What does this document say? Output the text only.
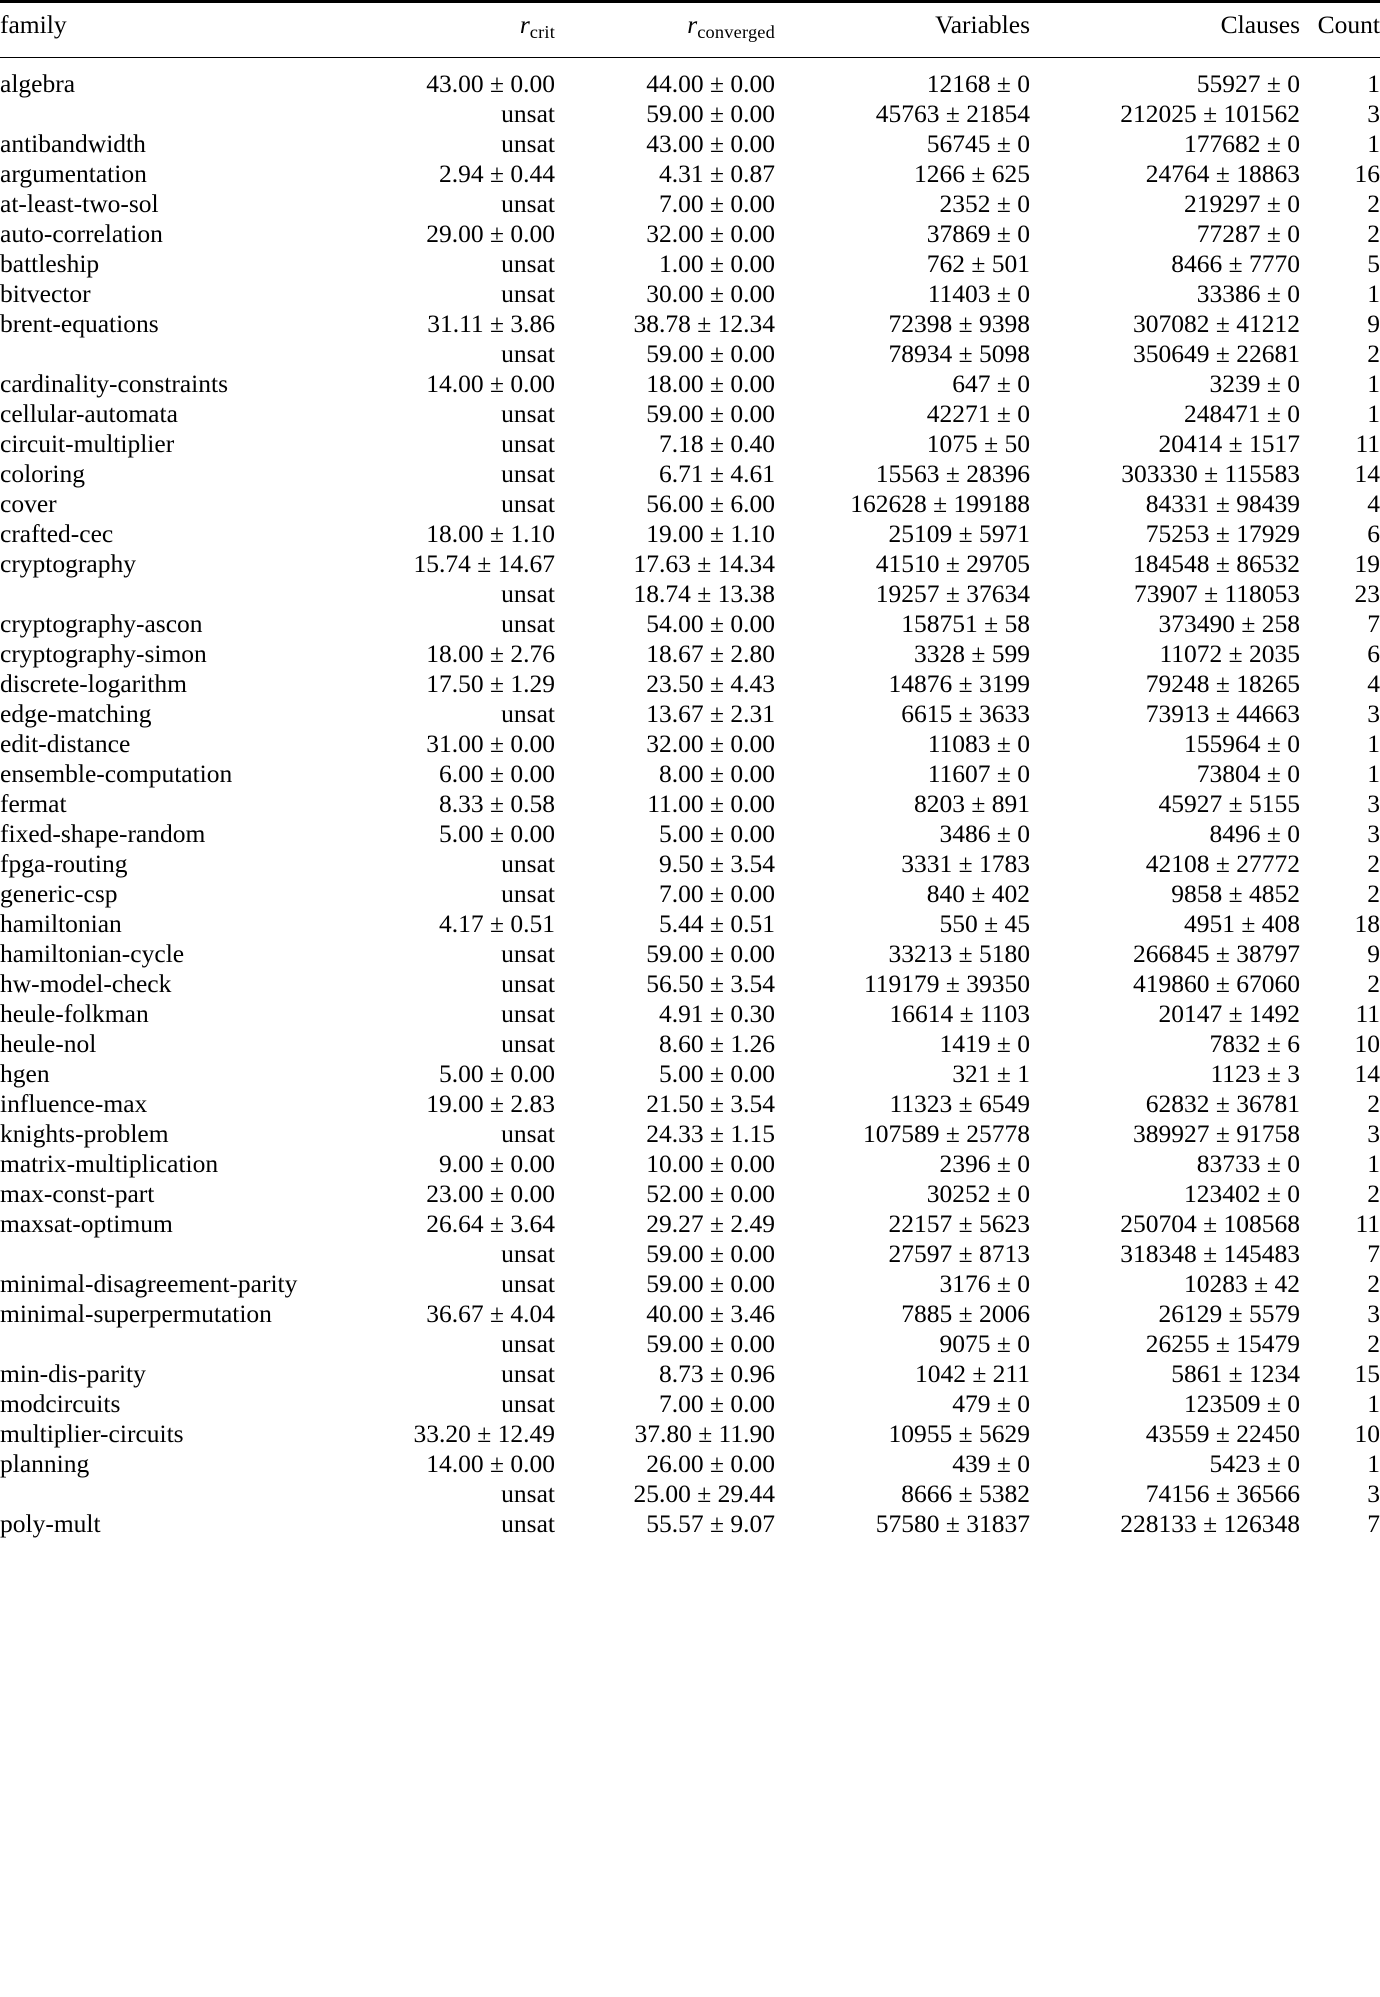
family	rcrit	rconverged	Variables	Clauses	Count

algebra	43.00 ± 0.00	44.00 ± 0.00	12168 ± 0	55927 ± 0	1
	unsat	59.00 ± 0.00	45763 ± 21854	212025 ± 101562	3
antibandwidth	unsat	43.00 ± 0.00	56745 ± 0	177682 ± 0	1
argumentation	2.94 ± 0.44	4.31 ± 0.87	1266 ± 625	24764 ± 18863	16
at-least-two-sol	unsat	7.00 ± 0.00	2352 ± 0	219297 ± 0	2
auto-correlation	29.00 ± 0.00	32.00 ± 0.00	37869 ± 0	77287 ± 0	2
battleship	unsat	1.00 ± 0.00	762 ± 501	8466 ± 7770	5
bitvector	unsat	30.00 ± 0.00	11403 ± 0	33386 ± 0	1
brent-equations	31.11 ± 3.86	38.78 ± 12.34	72398 ± 9398	307082 ± 41212	9
	unsat	59.00 ± 0.00	78934 ± 5098	350649 ± 22681	2
cardinality-constraints	14.00 ± 0.00	18.00 ± 0.00	647 ± 0	3239 ± 0	1
cellular-automata	unsat	59.00 ± 0.00	42271 ± 0	248471 ± 0	1
circuit-multiplier	unsat	7.18 ± 0.40	1075 ± 50	20414 ± 1517	11
coloring	unsat	6.71 ± 4.61	15563 ± 28396	303330 ± 115583	14
cover	unsat	56.00 ± 6.00	162628 ± 199188	84331 ± 98439	4
crafted-cec	18.00 ± 1.10	19.00 ± 1.10	25109 ± 5971	75253 ± 17929	6
cryptography	15.74 ± 14.67	17.63 ± 14.34	41510 ± 29705	184548 ± 86532	19
	unsat	18.74 ± 13.38	19257 ± 37634	73907 ± 118053	23
cryptography-ascon	unsat	54.00 ± 0.00	158751 ± 58	373490 ± 258	7
cryptography-simon	18.00 ± 2.76	18.67 ± 2.80	3328 ± 599	11072 ± 2035	6
discrete-logarithm	17.50 ± 1.29	23.50 ± 4.43	14876 ± 3199	79248 ± 18265	4
edge-matching	unsat	13.67 ± 2.31	6615 ± 3633	73913 ± 44663	3
edit-distance	31.00 ± 0.00	32.00 ± 0.00	11083 ± 0	155964 ± 0	1
ensemble-computation	6.00 ± 0.00	8.00 ± 0.00	11607 ± 0	73804 ± 0	1
fermat	8.33 ± 0.58	11.00 ± 0.00	8203 ± 891	45927 ± 5155	3
fixed-shape-random	5.00 ± 0.00	5.00 ± 0.00	3486 ± 0	8496 ± 0	3
fpga-routing	unsat	9.50 ± 3.54	3331 ± 1783	42108 ± 27772	2
generic-csp	unsat	7.00 ± 0.00	840 ± 402	9858 ± 4852	2
hamiltonian	4.17 ± 0.51	5.44 ± 0.51	550 ± 45	4951 ± 408	18
hamiltonian-cycle	unsat	59.00 ± 0.00	33213 ± 5180	266845 ± 38797	9
hw-model-check	unsat	56.50 ± 3.54	119179 ± 39350	419860 ± 67060	2
heule-folkman	unsat	4.91 ± 0.30	16614 ± 1103	20147 ± 1492	11
heule-nol	unsat	8.60 ± 1.26	1419 ± 0	7832 ± 6	10
hgen	5.00 ± 0.00	5.00 ± 0.00	321 ± 1	1123 ± 3	14
influence-max	19.00 ± 2.83	21.50 ± 3.54	11323 ± 6549	62832 ± 36781	2
knights-problem	unsat	24.33 ± 1.15	107589 ± 25778	389927 ± 91758	3
matrix-multiplication	9.00 ± 0.00	10.00 ± 0.00	2396 ± 0	83733 ± 0	1
max-const-part	23.00 ± 0.00	52.00 ± 0.00	30252 ± 0	123402 ± 0	2
maxsat-optimum	26.64 ± 3.64	29.27 ± 2.49	22157 ± 5623	250704 ± 108568	11
	unsat	59.00 ± 0.00	27597 ± 8713	318348 ± 145483	7
minimal-disagreement-parity	unsat	59.00 ± 0.00	3176 ± 0	10283 ± 42	2
minimal-superpermutation	36.67 ± 4.04	40.00 ± 3.46	7885 ± 2006	26129 ± 5579	3
	unsat	59.00 ± 0.00	9075 ± 0	26255 ± 15479	2
min-dis-parity	unsat	8.73 ± 0.96	1042 ± 211	5861 ± 1234	15
modcircuits	unsat	7.00 ± 0.00	479 ± 0	123509 ± 0	1
multiplier-circuits	33.20 ± 12.49	37.80 ± 11.90	10955 ± 5629	43559 ± 22450	10
planning	14.00 ± 0.00	26.00 ± 0.00	439 ± 0	5423 ± 0	1
	unsat	25.00 ± 29.44	8666 ± 5382	74156 ± 36566	3
poly-mult	unsat	55.57 ± 9.07	57580 ± 31837	228133 ± 126348	7
